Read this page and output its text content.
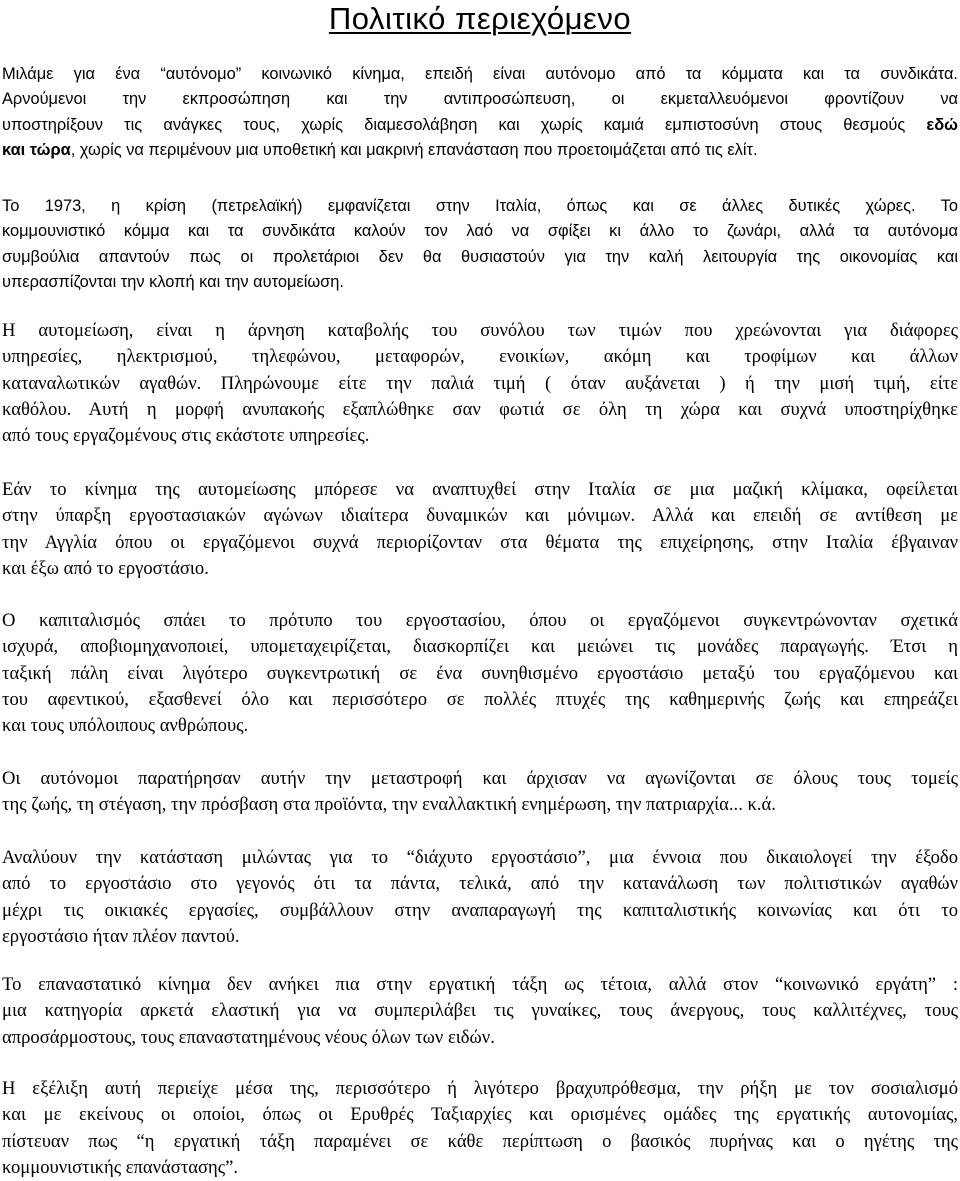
Πολιτικό περιεχόμενο
Μιλάμε για ένα “αυτόνομο” κοινωνικό κίνημα, επειδή είναι αυτόνομο από τα κόμματα και τα συνδικάτα.
Αρνούμενοι την εκπροσώπηση και την αντιπροσώπευση, οι εκμεταλλευόμενοι φροντίζουν να
υποστηρίξουν τις ανάγκες τους, χωρίς διαμεσολάβηση και χωρίς καμιά εμπιστοσύνη στους θεσμούς εδώ
και τώρα, χωρίς να περιμένουν μια υποθετική και μακρινή επανάσταση που προετοιμάζεται από τις ελίτ.
Το 1973, η κρίση (πετρελαϊκή) εμφανίζεται στην Ιταλία, όπως και σε άλλες δυτικές χώρες. Το
κομμουνιστικό κόμμα και τα συνδικάτα καλούν τον λαό να σφίξει κι άλλο το ζωνάρι, αλλά τα αυτόνομα
συμβούλια απαντούν πως οι προλετάριοι δεν θα θυσιαστούν για την καλή λειτουργία της οικονομίας και
υπερασπίζονται την κλοπή και την αυτομείωση.
Η αυτομείωση, είναι η άρνηση καταβολής του συνόλου των τιμών που χρεώνονται για διάφορες
υπηρεσίες, ηλεκτρισμού, τηλεφώνου, μεταφορών, ενοικίων, ακόμη και τροφίμων και άλλων
καταναλωτικών αγαθών. Πληρώνουμε είτε την παλιά τιμή ( όταν αυξάνεται ) ή την μισή τιμή, είτε
καθόλου. Αυτή η μορφή ανυπακοής εξαπλώθηκε σαν φωτιά σε όλη τη χώρα και συχνά υποστηρίχθηκε
από τους εργαζομένους στις εκάστοτε υπηρεσίες.
Εάν το κίνημα της αυτομείωσης μπόρεσε να αναπτυχθεί στην Ιταλία σε μια μαζική κλίμακα, οφείλεται
στην ύπαρξη εργοστασιακών αγώνων ιδιαίτερα δυναμικών και μόνιμων. Αλλά και επειδή σε αντίθεση με
την Αγγλία όπου οι εργαζόμενοι συχνά περιορίζονταν στα θέματα της επιχείρησης, στην Ιταλία έβγαιναν
και έξω από το εργοστάσιο.
Ο καπιταλισμός σπάει το πρότυπο του εργοστασίου, όπου οι εργαζόμενοι συγκεντρώνονταν σχετικά
ισχυρά, αποβιομηχανοποιεί, υπομεταχειρίζεται, διασκορπίζει και μειώνει τις μονάδες παραγωγής. Έτσι η
ταξική πάλη είναι λιγότερο συγκεντρωτική σε ένα συνηθισμένο εργοστάσιο μεταξύ του εργαζόμενου και
του αφεντικού, εξασθενεί όλο και περισσότερο σε πολλές πτυχές της καθημερινής ζωής και επηρεάζει
και τους υπόλοιπους ανθρώπους.
Οι αυτόνομοι παρατήρησαν αυτήν την μεταστροφή και άρχισαν να αγωνίζονται σε όλους τους τομείς
της ζωής, τη στέγαση, την πρόσβαση στα προϊόντα, την εναλλακτική ενημέρωση, την πατριαρχία... κ.ά.
Αναλύουν την κατάσταση μιλώντας για το “διάχυτο εργοστάσιο”, μια έννοια που δικαιολογεί την έξοδο
από το εργοστάσιο στο γεγονός ότι τα πάντα, τελικά, από την κατανάλωση των πολιτιστικών αγαθών
μέχρι τις οικιακές εργασίες, συμβάλλουν στην αναπαραγωγή της καπιταλιστικής κοινωνίας και ότι το
εργοστάσιο ήταν πλέον παντού.
Το επαναστατικό κίνημα δεν ανήκει πια στην εργατική τάξη ως τέτοια, αλλά στον “κοινωνικό εργάτη” :
μια κατηγορία αρκετά ελαστική για να συμπεριλάβει τις γυναίκες, τους άνεργους, τους καλλιτέχνες, τους
απροσάρμοστους, τους επαναστατημένους νέους όλων των ειδών.
Η εξέλιξη αυτή περιείχε μέσα της, περισσότερο ή λιγότερο βραχυπρόθεσμα, την ρήξη με τον σοσιαλισμό
και με εκείνους οι οποίοι, όπως οι Ερυθρές Ταξιαρχίες και ορισμένες ομάδες της εργατικής αυτονομίας,
πίστευαν πως “η εργατική τάξη παραμένει σε κάθε περίπτωση ο βασικός πυρήνας και ο ηγέτης της
κομμουνιστικής επανάστασης”.
